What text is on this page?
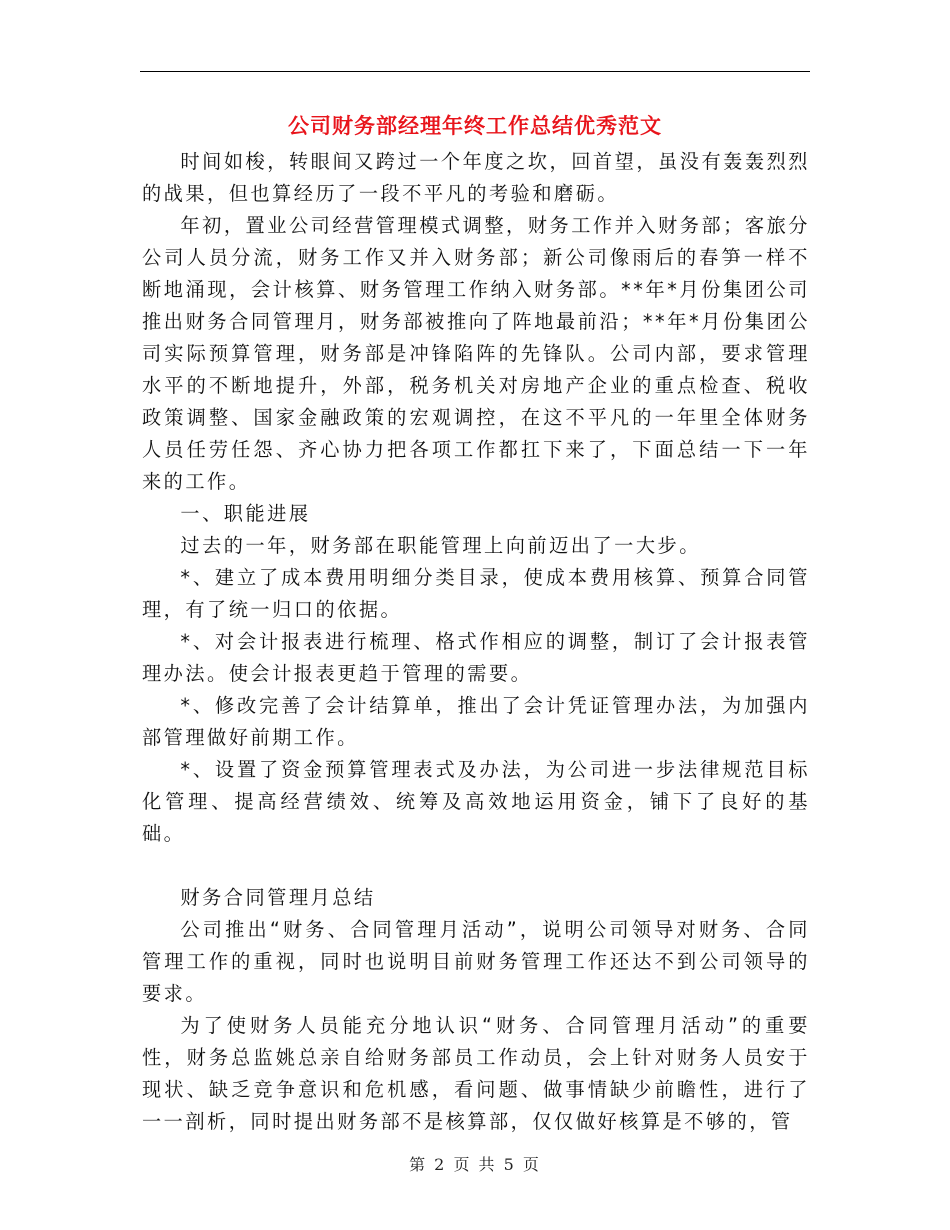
公司财务部经理年终工作总结优秀范文

时间如梭，转眼间又跨过一个年度之坎，回首望，虽没有轰轰烈烈的战果，但也算经历了一段不平凡的考验和磨砺。

年初，置业公司经营管理模式调整，财务工作并入财务部；客旅分公司人员分流，财务工作又并入财务部；新公司像雨后的春笋一样不断地涌现，会计核算、财务管理工作纳入财务部。**年*月份集团公司推出财务合同管理月，财务部被推向了阵地最前沿；**年*月份集团公司实际预算管理，财务部是冲锋陷阵的先锋队。公司内部，要求管理水平的不断地提升，外部，税务机关对房地产企业的重点检查、税收政策调整、国家金融政策的宏观调控，在这不平凡的一年里全体财务人员任劳任怨、齐心协力把各项工作都扛下来了，下面总结一下一年来的工作。

一、职能进展

过去的一年，财务部在职能管理上向前迈出了一大步。

*、建立了成本费用明细分类目录，使成本费用核算、预算合同管理，有了统一归口的依据。

*、对会计报表进行梳理、格式作相应的调整，制订了会计报表管理办法。使会计报表更趋于管理的需要。

*、修改完善了会计结算单，推出了会计凭证管理办法，为加强内部管理做好前期工作。

*、设置了资金预算管理表式及办法，为公司进一步法律规范目标化管理、提高经营绩效、统筹及高效地运用资金，铺下了良好的基础。

财务合同管理月总结

公司推出“财务、合同管理月活动”，说明公司领导对财务、合同管理工作的重视，同时也说明目前财务管理工作还达不到公司领导的要求。

为了使财务人员能充分地认识“财务、合同管理月活动”的重要性，财务总监姚总亲自给财务部员工作动员，会上针对财务人员安于现状、缺乏竞争意识和危机感，看问题、做事情缺少前瞻性，进行了一一剖析，同时提出财务部不是核算部，仅仅做好核算是不够的，管

第 2 页 共 5 页
